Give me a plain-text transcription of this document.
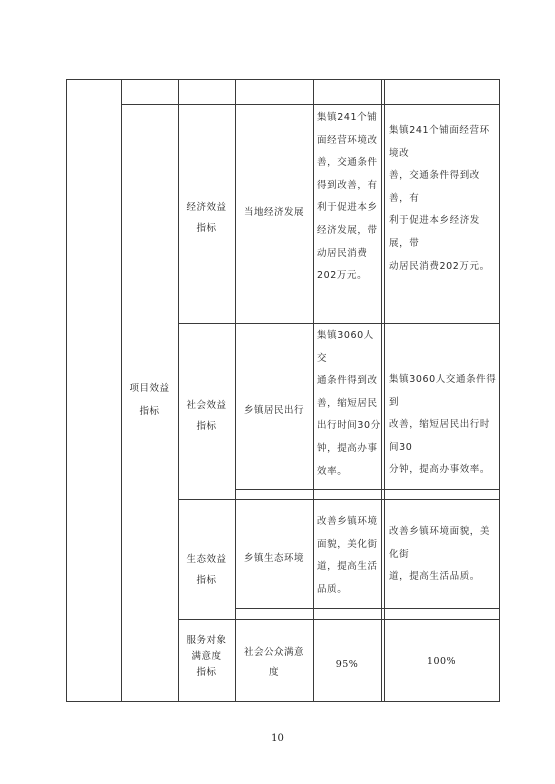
项目效益
指标
经济效益
指标
当地经济发展
集镇241个铺
面经营环境改
善，交通条件
得到改善，有
利于促进本乡
经济发展，带
动居民消费
202万元。
集镇241个铺面经营环境改
善，交通条件得到改善，有
利于促进本乡经济发展，带
动居民消费202万元。
社会效益
指标
乡镇居民出行
集镇3060人交
通条件得到改
善，缩短居民
出行时间30分
钟，提高办事
效率。
集镇3060人交通条件得到
改善，缩短居民出行时间30
分钟，提高办事效率。
生态效益
指标
乡镇生态环境
改善乡镇环境
面貌，美化街
道，提高生活
品质。
改善乡镇环境面貌，美化街
道，提高生活品质。
服务对象
满意度
指标
社会公众满意
度
95%	100%
10
